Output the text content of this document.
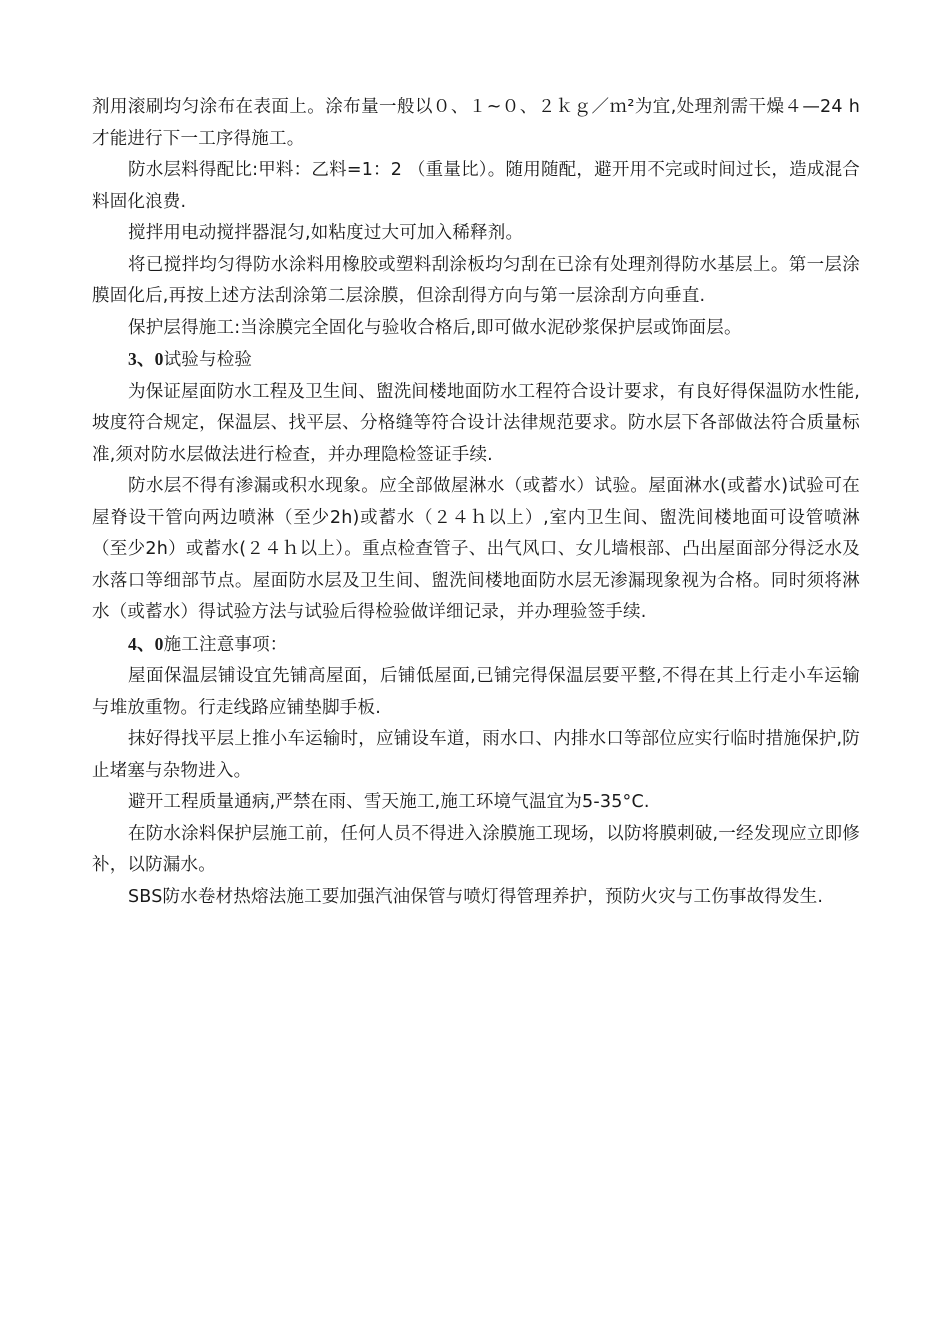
剂用滚刷均匀涂布在表面上。涂布量一般以０、１~０、２ｋｇ／ｍ²为宜,处理剂需干燥４—24 h才能进行下一工序得施工。

防水层料得配比:甲料：乙料=1：2 （重量比）。随用随配，避开用不完或时间过长，造成混合料固化浪费.

搅拌用电动搅拌器混匀,如粘度过大可加入稀释剂。

将已搅拌均匀得防水涂料用橡胶或塑料刮涂板均匀刮在已涂有处理剂得防水基层上。第一层涂膜固化后,再按上述方法刮涂第二层涂膜，但涂刮得方向与第一层涂刮方向垂直.

保护层得施工:当涂膜完全固化与验收合格后,即可做水泥砂浆保护层或饰面层。

3、0试验与检验

为保证屋面防水工程及卫生间、盥洗间楼地面防水工程符合设计要求，有良好得保温防水性能,坡度符合规定，保温层、找平层、分格缝等符合设计法律规范要求。防水层下各部做法符合质量标准,须对防水层做法进行检查，并办理隐检签证手续.

防水层不得有渗漏或积水现象。应全部做屋淋水（或蓄水）试验。屋面淋水(或蓄水)试验可在屋脊设干管向两边喷淋（至少2h)或蓄水（２４ｈ以上）,室内卫生间、盥洗间楼地面可设管喷淋（至少2h）或蓄水(２４ｈ以上）。重点检查管子、出气风口、女儿墙根部、凸出屋面部分得泛水及水落口等细部节点。屋面防水层及卫生间、盥洗间楼地面防水层无渗漏现象视为合格。同时须将淋水（或蓄水）得试验方法与试验后得检验做详细记录，并办理验签手续.

4、0施工注意事项：

屋面保温层铺设宜先铺高屋面，后铺低屋面,已铺完得保温层要平整,不得在其上行走小车运输与堆放重物。行走线路应铺垫脚手板.

抹好得找平层上推小车运输时，应铺设车道，雨水口、内排水口等部位应实行临时措施保护,防止堵塞与杂物进入。

避开工程质量通病,严禁在雨、雪天施工,施工环境气温宜为5-35°C.

在防水涂料保护层施工前，任何人员不得进入涂膜施工现场，以防将膜刺破,一经发现应立即修补，以防漏水。

SBS防水卷材热熔法施工要加强汽油保管与喷灯得管理养护，预防火灾与工伤事故得发生.
